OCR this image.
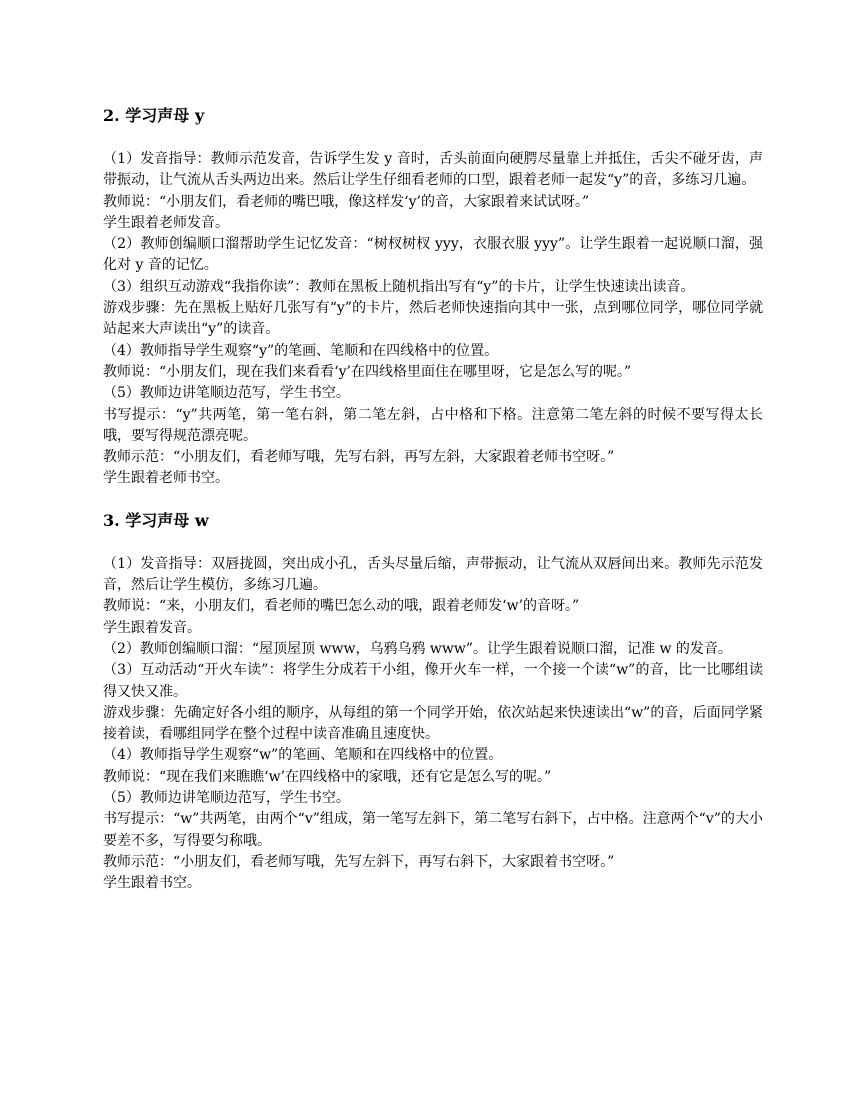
2. 学习声母 y

（1）发音指导：教师示范发音，告诉学生发 y 音时，舌头前面向硬腭尽量靠上并抵住，舌尖不碰牙齿，声带振动，让气流从舌头两边出来。然后让学生仔细看老师的口型，跟着老师一起发“y”的音，多练习几遍。

教师说：“小朋友们，看老师的嘴巴哦，像这样发‘y’的音，大家跟着来试试呀。”

学生跟着老师发音。

（2）教师创编顺口溜帮助学生记忆发音：“树杈树杈 yyy，衣服衣服 yyy”。让学生跟着一起说顺口溜，强化对 y 音的记忆。

（3）组织互动游戏“我指你读”：教师在黑板上随机指出写有“y”的卡片，让学生快速读出读音。

游戏步骤：先在黑板上贴好几张写有“y”的卡片，然后老师快速指向其中一张，点到哪位同学，哪位同学就站起来大声读出“y”的读音。

（4）教师指导学生观察“y”的笔画、笔顺和在四线格中的位置。

教师说：“小朋友们，现在我们来看看‘y’在四线格里面住在哪里呀，它是怎么写的呢。”

（5）教师边讲笔顺边范写，学生书空。

书写提示：“y”共两笔，第一笔右斜，第二笔左斜，占中格和下格。注意第二笔左斜的时候不要写得太长哦，要写得规范漂亮呢。

教师示范：“小朋友们，看老师写哦，先写右斜，再写左斜，大家跟着老师书空呀。”

学生跟着老师书空。

3. 学习声母 w

（1）发音指导：双唇拢圆，突出成小孔，舌头尽量后缩，声带振动，让气流从双唇间出来。教师先示范发音，然后让学生模仿，多练习几遍。

教师说：“来，小朋友们，看老师的嘴巴怎么动的哦，跟着老师发‘w’的音呀。”

学生跟着发音。

（2）教师创编顺口溜：“屋顶屋顶 www，乌鸦乌鸦 www”。让学生跟着说顺口溜，记准 w 的发音。

（3）互动活动“开火车读”：将学生分成若干小组，像开火车一样，一个接一个读“w”的音，比一比哪组读得又快又准。

游戏步骤：先确定好各小组的顺序，从每组的第一个同学开始，依次站起来快速读出“w”的音，后面同学紧接着读，看哪组同学在整个过程中读音准确且速度快。

（4）教师指导学生观察“w”的笔画、笔顺和在四线格中的位置。

教师说：“现在我们来瞧瞧‘w’在四线格中的家哦，还有它是怎么写的呢。”

（5）教师边讲笔顺边范写，学生书空。

书写提示：“w”共两笔，由两个“v”组成，第一笔写左斜下，第二笔写右斜下，占中格。注意两个“v”的大小要差不多，写得要匀称哦。

教师示范：“小朋友们，看老师写哦，先写左斜下，再写右斜下，大家跟着书空呀。”

学生跟着书空。
